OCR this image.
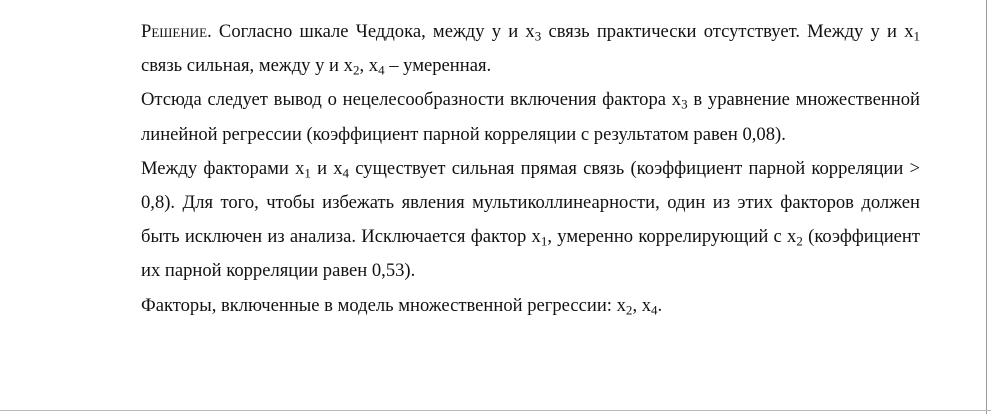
Решение. Согласно шкале Чеддока, между y и $x_3$ связь практически отсутствует. Между y и $x_1$ связь сильная, между y и $x_2$, $x_4$ – умеренная.

Отсюда следует вывод о нецелесообразности включения фактора $x_3$ в уравнение множественной линейной регрессии (коэффициент парной корреляции с результатом равен 0,08).

Между факторами $x_1$ и $x_4$ существует сильная прямая связь (коэффициент парной корреляции > 0,8). Для того, чтобы избежать явления мультиколлинеарности, один из этих факторов должен быть исключен из анализа. Исключается фактор $x_1$, умеренно коррелирующий с $x_2$ (коэффициент их парной корреляции равен 0,53).

Факторы, включенные в модель множественной регрессии: $x_2$, $x_4$.
